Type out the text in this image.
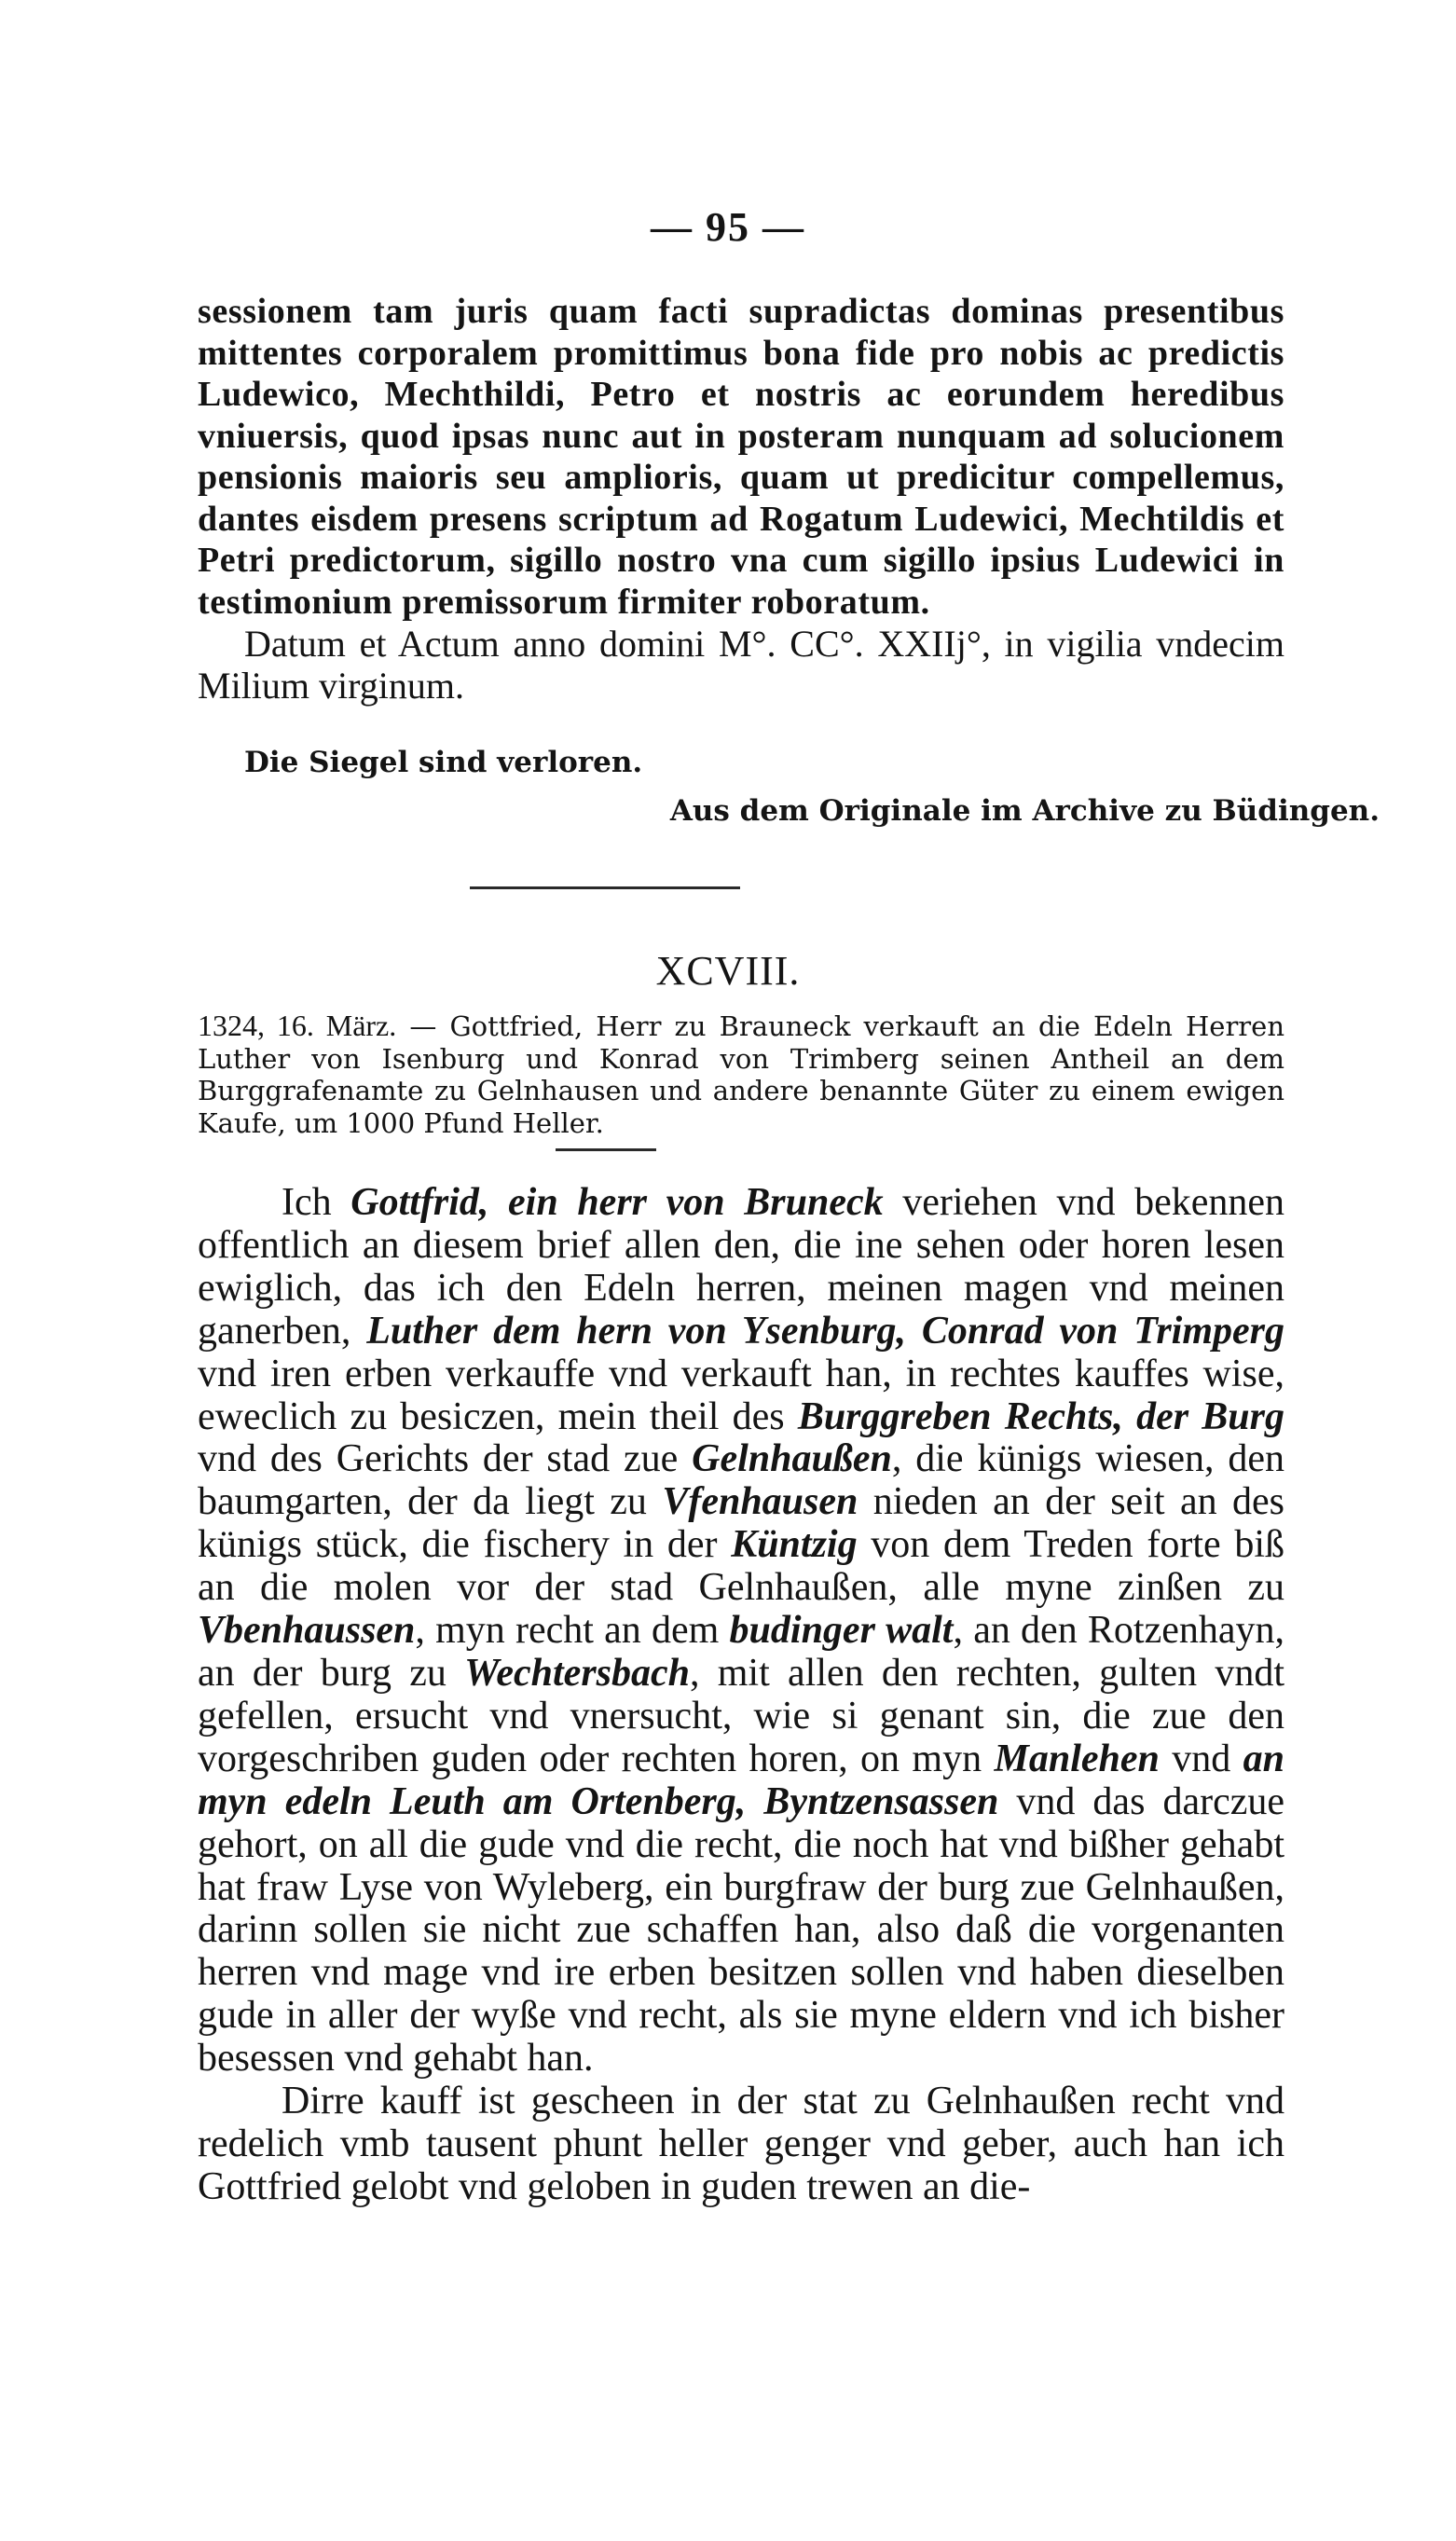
— 95 —

sessionem tam juris quam facti supradictas dominas presentibus mittentes corporalem promittimus bona fide pro nobis ac predictis Ludewico, Mechthildi, Petro et nostris ac eorundem heredibus vniuersis, quod ipsas nunc aut in posteram nunquam ad solucionem pensionis maioris seu amplioris, quam ut predicitur compellemus, dantes eisdem presens scriptum ad Rogatum Ludewici, Mechtildis et Petri predictorum, sigillo nostro vna cum sigillo ipsius Ludewici in testimonium premissorum firmiter roboratum.

Datum et Actum anno domini M°. CC°. XXIIj°, in vigilia vndecim Milium virginum.

Die Siegel sind verloren.
Aus dem Originale im Archive zu Büdingen.
XCVIII.
1324, 16. März. — Gottfried, Herr zu Brauneck verkauft an die Edeln Herren Luther von Isenburg und Konrad von Trimberg seinen Antheil an dem Burggrafenamte zu Gelnhausen und andere benannte Güter zu einem ewigen Kaufe, um 1000 Pfund Heller.

Ich Gottfrid, ein herr von Bruneck veriehen vnd bekennen offentlich an diesem brief allen den, die ine sehen oder horen lesen ewiglich, das ich den Edeln herren, meinen magen vnd meinen ganerben, Luther dem hern von Ysenburg, Conrad von Trimperg vnd iren erben verkauffe vnd verkauft han, in rechtes kauffes wise, eweclich zu besiczen, mein theil des Burggreben Rechts, der Burg vnd des Gerichts der stad zue Gelnhaußen, die künigs wiesen, den baumgarten, der da liegt zu Vfenhausen nieden an der seit an des künigs stück, die fischery in der Küntzig von dem Treden forte biß an die molen vor der stad Gelnhaußen, alle myne zinßen zu Vbenhaussen, myn recht an dem budinger walt, an den Rotzenhayn, an der burg zu Wechtersbach, mit allen den rechten, gulten vndt gefellen, ersucht vnd vnersucht, wie si genant sin, die zue den vorgeschriben guden oder rechten horen, on myn Manlehen vnd an myn edeln Leuth am Ortenberg, Byntzensassen vnd das darczue gehort, on all die gude vnd die recht, die noch hat vnd bißher gehabt hat fraw Lyse von Wyleberg, ein burgfraw der burg zue Gelnhaußen, darinn sollen sie nicht zue schaffen han, also daß die vorgenanten herren vnd mage vnd ire erben besitzen sollen vnd haben dieselben gude in aller der wyße vnd recht, als sie myne eldern vnd ich bisher besessen vnd gehabt han.

Dirre kauff ist gescheen in der stat zu Gelnhaußen recht vnd redelich vmb tausent phunt heller genger vnd geber, auch han ich Gottfried gelobt vnd geloben in guden trewen an die-
